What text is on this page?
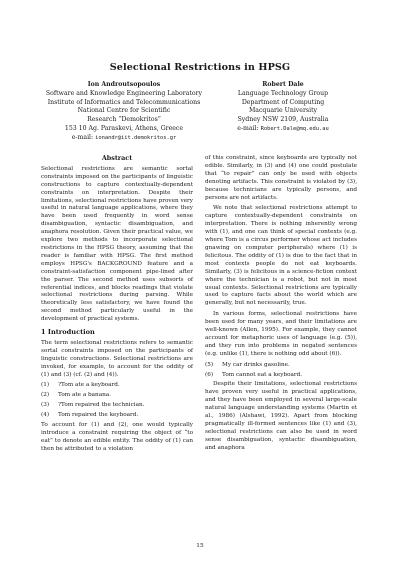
Selectional Restrictions in HPSG
Ion Androutsopoulos
Software and Knowledge Engineering Laboratory
Institute of Informatics and Telecommunications
National Centre for Scientific
Research “Demokritos”
153 10 Ag. Paraskevi, Athens, Greece
e-mail: ionandr@iit.demokritos.gr
Robert Dale
Language Technology Group
Department of Computing
Macquarie University
Sydney NSW 2109, Australia
e-mail: Robert.Dale@mq.edu.au
Abstract

Selectional restrictions are semantic sortal constraints imposed on the participants of linguistic constructions to capture contextually-dependent constraints on interpretation. Despite their limitations, selectional restrictions have proven very useful in natural language applications, where they have been used frequently in word sense disambiguation, syntactic disambiguation, and anaphora resolution. Given their practical value, we explore two methods to incorporate selectional restrictions in the HPSG theory, assuming that the reader is familiar with HPSG. The first method employs HPSG's BACKGROUND feature and a constraint-satisfaction component pipe-lined after the parser. The second method uses subsorts of referential indices, and blocks readings that violate selectional restrictions during parsing. While theoretically less satisfactory, we have found the second method particularly useful in the development of practical systems.

1 Introduction

The term selectional restrictions refers to semantic sortal constraints imposed on the participants of linguistic constructions. Selectional restrictions are invoked, for example, to account for the oddity of (1) and (3) (cf. (2) and (4)).

(1)	?Tom ate a keyboard.
(2)	Tom ate a banana.
(3)	?Tom repaired the technician.
(4)	Tom repaired the keyboard.

To account for (1) and (2), one would typically introduce a constraint requiring the object of “to eat” to denote an edible entity. The oddity of (1) can then be attributed to a violation

of this constraint, since keyboards are typically not edible. Similarly, in (3) and (4) one could postulate that “to repair” can only be used with objects denoting artifacts. This constraint is violated by (3), because technicians are typically persons, and persons are not artifacts.

We note that selectional restrictions attempt to capture contextually-dependent constraints on interpretation. There is nothing inherently wrong with (1), and one can think of special contexts (e.g. where Tom is a circus performer whose act includes gnawing on computer peripherals) where (1) is felicitous. The oddity of (1) is due to the fact that in most contexts people do not eat keyboards. Similarly, (3) is felicitous in a science-fiction context where the technician is a robot, but not in most usual contexts. Selectional restrictions are typically used to capture facts about the world which are generally, but not necessarily, true.

In various forms, selectional restrictions have been used for many years, and their limitations are well-known (Allen, 1995). For example, they cannot account for metaphoric uses of language (e.g. (5)), and they run into problems in negated sentences (e.g. unlike (1), there is nothing odd about (6)).

(5)	My car drinks gasoline.
(6)	Tom cannot eat a keyboard.

Despite their limitations, selectional restrictions have proven very useful in practical applications, and they have been employed in several large-scale natural language understanding systems (Martin et al., 1986) (Alshawi, 1992). Apart from blocking pragmatically ill-formed sentences like (1) and (3), selectional restrictions can also be used in word sense disambiguation, syntactic disambiguation, and anaphora

15
